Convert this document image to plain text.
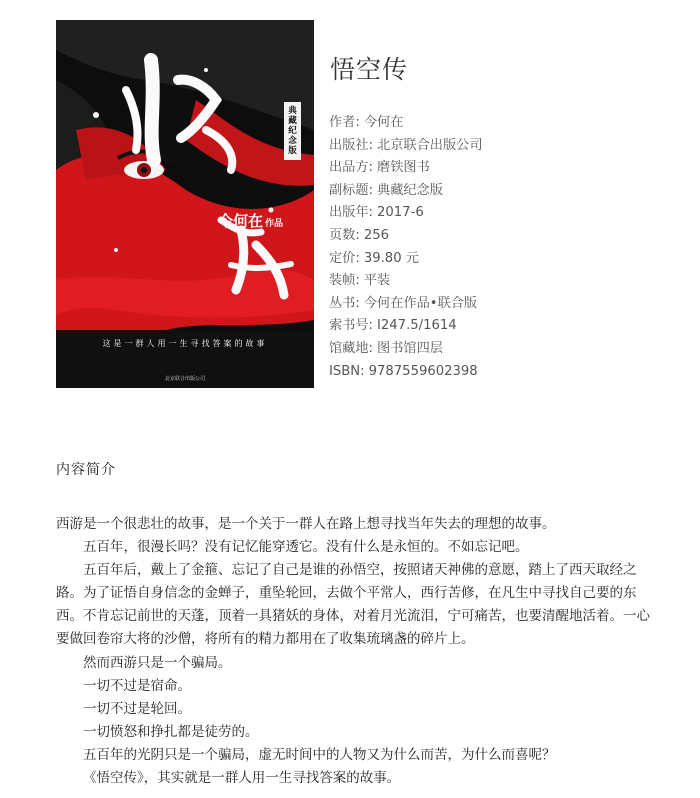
典藏纪念版
今何在 作品
这是一群人用一生寻找答案的故事
北京联合出版公司
悟空传
作者: 今何在
出版社: 北京联合出版公司
出品方: 磨铁图书
副标题: 典藏纪念版
出版年: 2017-6
页数: 256
定价: 39.80 元
装帧: 平装
丛书: 今何在作品•联合版
索书号: I247.5/1614
馆藏地: 图书馆四层
ISBN: 9787559602398
内容简介

西游是一个很悲壮的故事，是一个关于一群人在路上想寻找当年失去的理想的故事。

五百年，很漫长吗？没有记忆能穿透它。没有什么是永恒的。不如忘记吧。

五百年后，戴上了金箍、忘记了自己是谁的孙悟空，按照诸天神佛的意愿，踏上了西天取经之路。为了证悟自身信念的金蝉子，重坠轮回，去做个平常人，西行苦修，在凡生中寻找自己要的东西。不肯忘记前世的天蓬，顶着一具猪妖的身体，对着月光流泪，宁可痛苦，也要清醒地活着。一心要做回卷帘大将的沙僧，将所有的精力都用在了收集琉璃盏的碎片上。

然而西游只是一个骗局。

一切不过是宿命。

一切不过是轮回。

一切愤怒和挣扎都是徒劳的。

五百年的光阴只是一个骗局，虚无时间中的人物又为什么而苦，为什么而喜呢？

《悟空传》，其实就是一群人用一生寻找答案的故事。
